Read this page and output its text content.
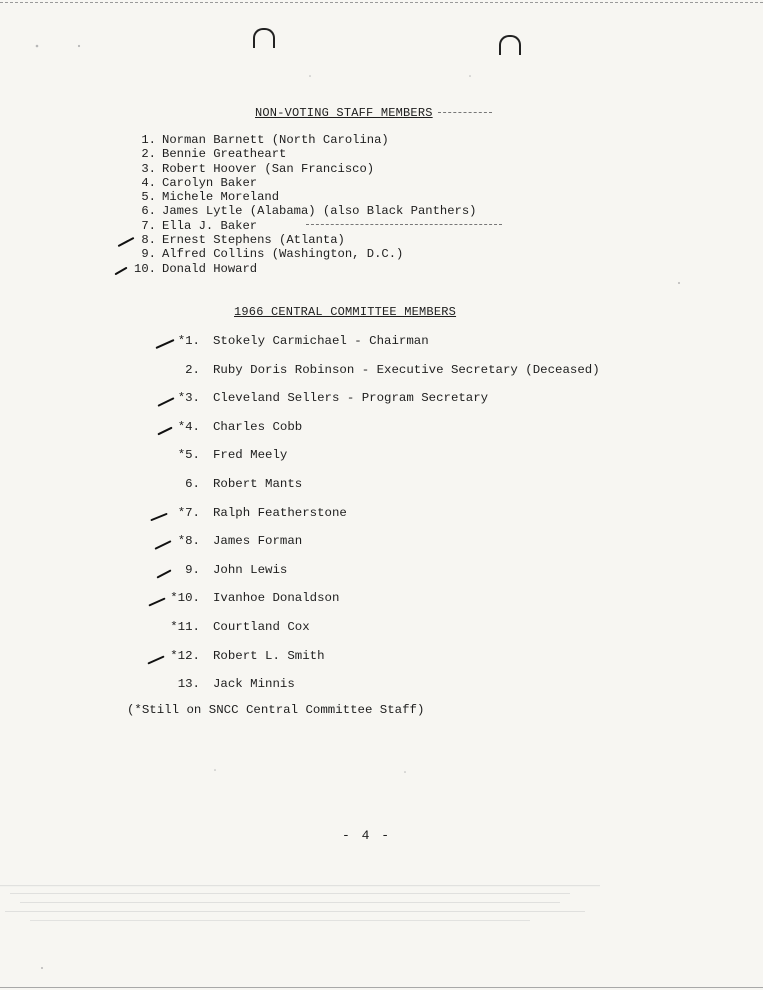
NON-VOTING STAFF MEMBERS
1. Norman Barnett (North Carolina)
2. Bennie Greatheart
3. Robert Hoover (San Francisco)
4. Carolyn Baker
5. Michele Moreland
6. James Lytle (Alabama) (also Black Panthers)
7. Ella J. Baker
8. Ernest Stephens (Atlanta)
9. Alfred Collins (Washington, D.C.)
10. Donald Howard
1966 CENTRAL COMMITTEE MEMBERS
*1. Stokely Carmichael - Chairman
2. Ruby Doris Robinson - Executive Secretary (Deceased)
*3. Cleveland Sellers - Program Secretary
*4. Charles Cobb
*5. Fred Meely
6. Robert Mants
*7. Ralph Featherstone
*8. James Forman
9. John Lewis
*10. Ivanhoe Donaldson
*11. Courtland Cox
*12. Robert L. Smith
13. Jack Minnis
(*Still on SNCC Central Committee Staff)
- 4 -
